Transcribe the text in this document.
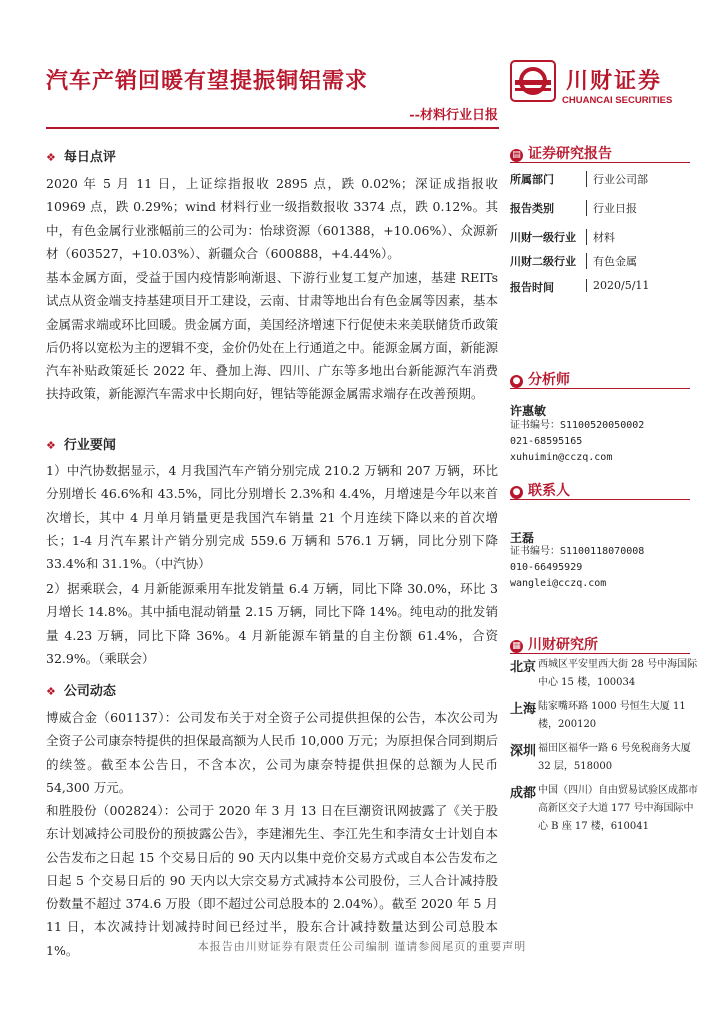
汽车产销回暖有望提振铜铝需求
--材料行业日报
川财证券
CHUANCAI SECURITIES
❖ 每日点评
2020 年 5 月 11 日，上证综指报收 2895 点，跌 0.02%；深证成指报收 10969 点，跌 0.29%；wind 材料行业一级指数报收 3374 点，跌 0.12%。其中，有色金属行业涨幅前三的公司为：怡球资源（601388，+10.06%）、众源新材（603527，+10.03%）、新疆众合（600888，+4.44%）。
基本金属方面，受益于国内疫情影响渐退、下游行业复工复产加速，基建 REITs 试点从资金端支持基建项目开工建设，云南、甘肃等地出台有色金属等因素，基本金属需求端或环比回暖。贵金属方面，美国经济增速下行促使未来美联储货币政策后仍将以宽松为主的逻辑不变，金价仍处在上行通道之中。能源金属方面，新能源汽车补贴政策延长 2022 年、叠加上海、四川、广东等多地出台新能源汽车消费扶持政策，新能源汽车需求中长期向好，锂钴等能源金属需求端存在改善预期。
❖ 行业要闻
1）中汽协数据显示，4 月我国汽车产销分别完成 210.2 万辆和 207 万辆，环比分别增长 46.6%和 43.5%，同比分别增长 2.3%和 4.4%，月增速是今年以来首次增长，其中 4 月单月销量更是我国汽车销量 21 个月连续下降以来的首次增长；1-4 月汽车累计产销分别完成 559.6 万辆和 576.1 万辆，同比分别下降 33.4%和 31.1%。（中汽协）
2）据乘联会，4 月新能源乘用车批发销量 6.4 万辆，同比下降 30.0%，环比 3 月增长 14.8%。其中插电混动销量 2.15 万辆，同比下降 14%。纯电动的批发销量 4.23 万辆，同比下降 36%。4 月新能源车销量的自主份额 61.4%，合资 32.9%。（乘联会）
❖ 公司动态
博威合金（601137）：公司发布关于对全资子公司提供担保的公告，本次公司为全资子公司康奈特提供的担保最高额为人民币 10,000 万元；为原担保合同到期后的续签。截至本公告日，不含本次，公司为康奈特提供担保的总额为人民币 54,300 万元。
和胜股份（002824）：公司于 2020 年 3 月 13 日在巨潮资讯网披露了《关于股东计划减持公司股份的预披露公告》，李建湘先生、李江先生和李清女士计划自本公告发布之日起 15 个交易日后的 90 天内以集中竞价交易方式或自本公告发布之日起 5 个交易日后的 90 天内以大宗交易方式减持本公司股份，三人合计减持股份数量不超过 374.6 万股（即不超过公司总股本的 2.04%）。截至 2020 年 5 月 11 日，本次减持计划减持时间已经过半，股东合计减持数量达到公司总股本 1%。
▤ 证券研究报告
所属部门	行业公司部
报告类别	行业日报
川财一级行业	材料
川财二级行业	有色金属
报告时间	2020/5/11
● 分析师
许惠敏
证书编号：S1100520050002
021-68595165
xuhuimin@cczq.com
● 联系人
王磊
证书编号：S1100118070008
010-66495929
wanglei@cczq.com
▦ 川财研究所
北京 西城区平安里西大街 28 号中海国际中心 15 楼，100034
上海 陆家嘴环路 1000 号恒生大厦 11 楼，200120
深圳 福田区福华一路 6 号免税商务大厦 32 层，518000
成都 中国（四川）自由贸易试验区成都市高新区交子大道 177 号中海国际中心 B 座 17 楼，610041
本报告由川财证券有限责任公司编制 谨请参阅尾页的重要声明
